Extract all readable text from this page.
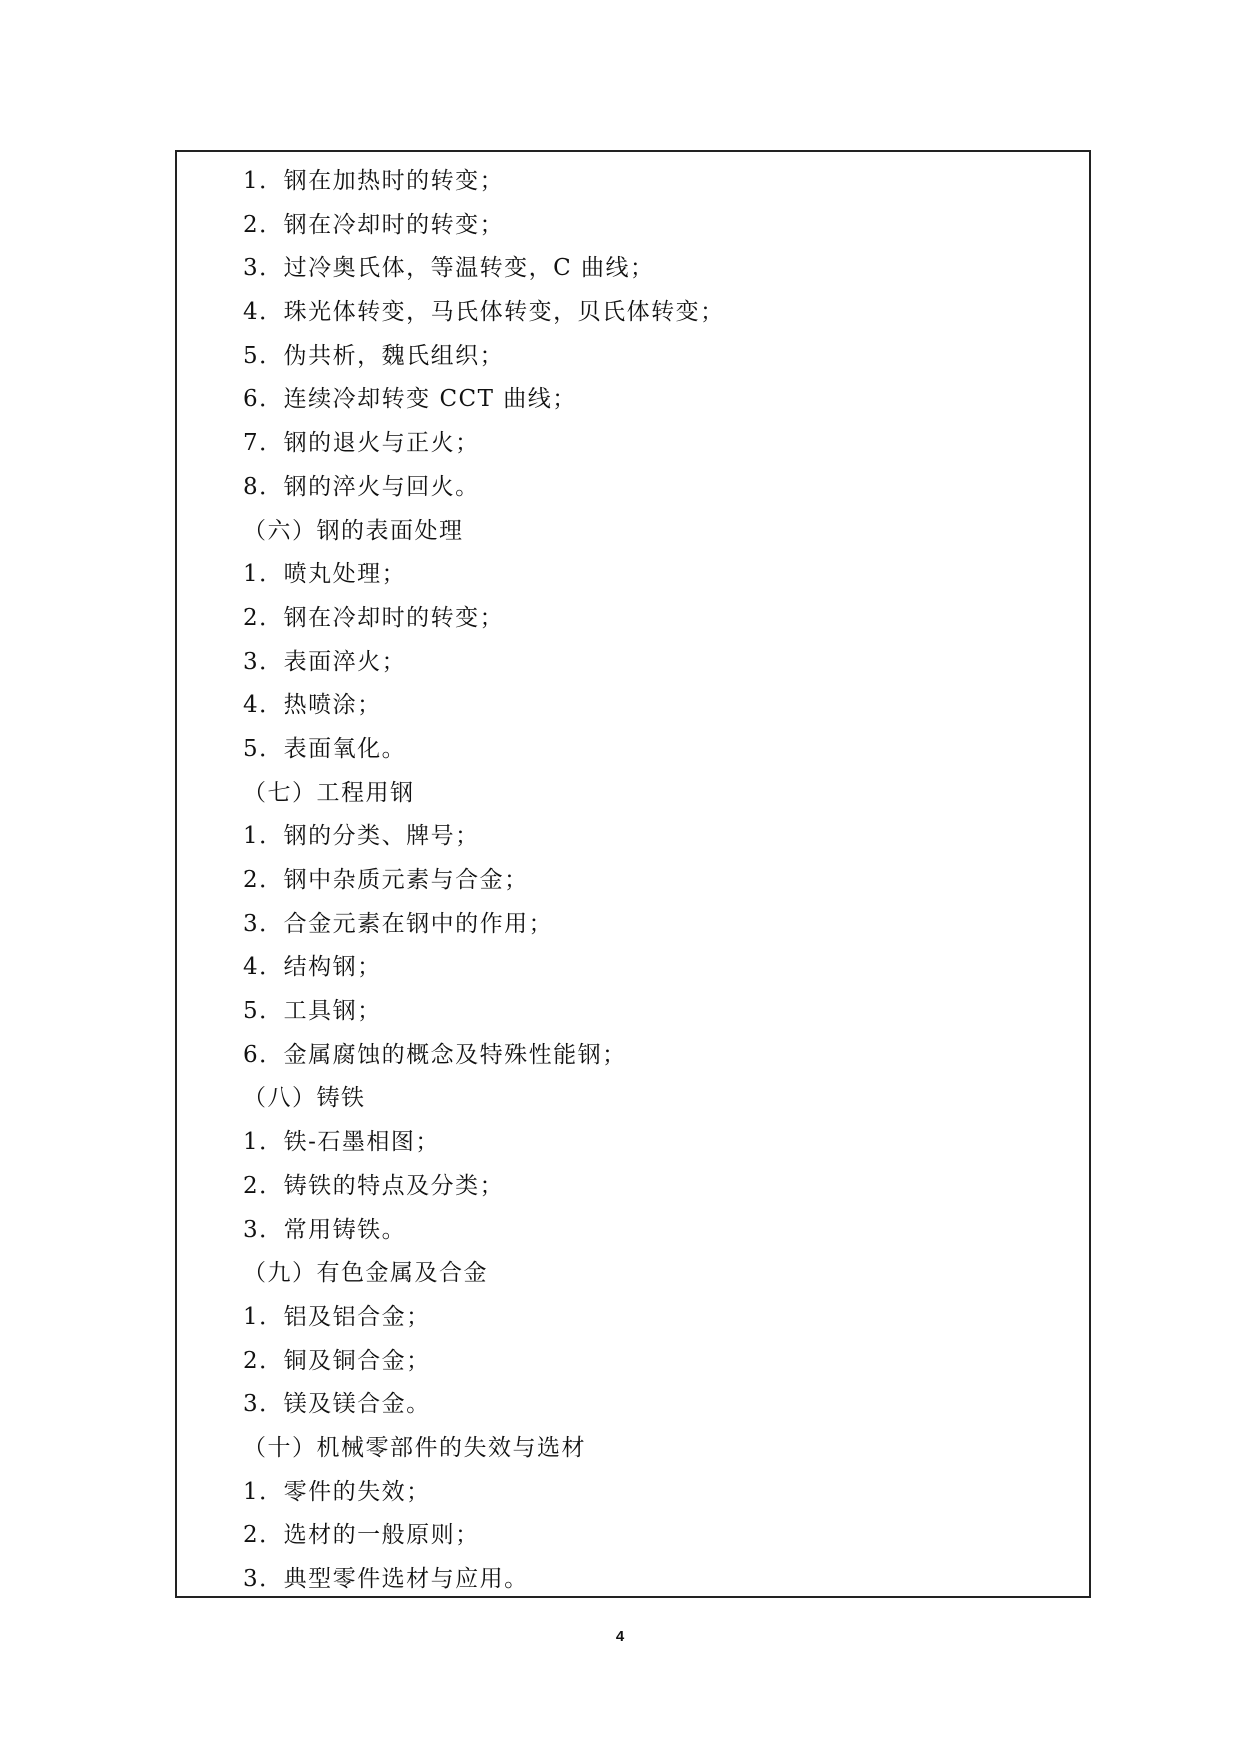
1．钢在加热时的转变；
2．钢在冷却时的转变；
3．过冷奥氏体，等温转变，C 曲线；
4．珠光体转变，马氏体转变，贝氏体转变；
5．伪共析，魏氏组织；
6．连续冷却转变 CCT 曲线；
7．钢的退火与正火；
8．钢的淬火与回火。
（六）钢的表面处理
1．喷丸处理；
2．钢在冷却时的转变；
3．表面淬火；
4．热喷涂；
5．表面氧化。
（七）工程用钢
1．钢的分类、牌号；
2．钢中杂质元素与合金；
3．合金元素在钢中的作用；
4．结构钢；
5．工具钢；
6．金属腐蚀的概念及特殊性能钢；
（八）铸铁
1．铁-石墨相图；
2．铸铁的特点及分类；
3．常用铸铁。
（九）有色金属及合金
1．铝及铝合金；
2．铜及铜合金；
3．镁及镁合金。
（十）机械零部件的失效与选材
1．零件的失效；
2．选材的一般原则；
3．典型零件选材与应用。
4
